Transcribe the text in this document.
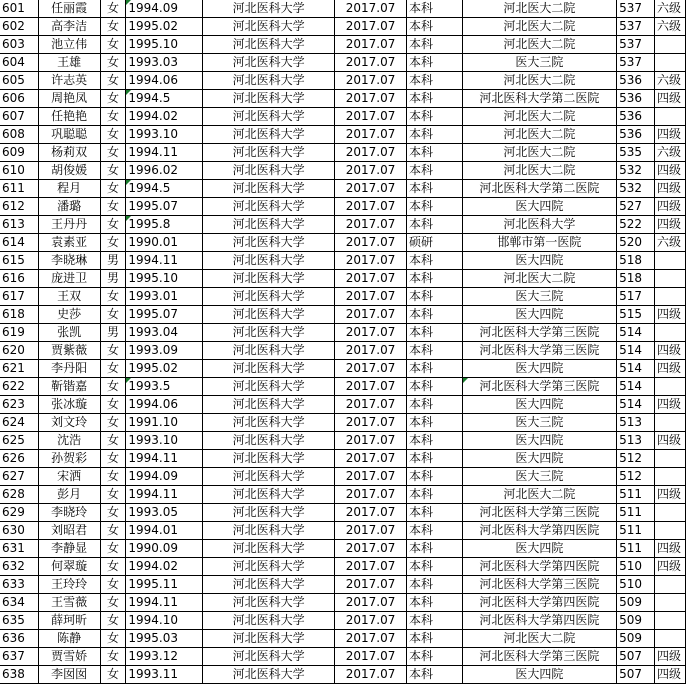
601	任丽霞	女	1994.09	河北医科大学	2017.07	本科	河北医大二院	537	六级
602	高李洁	女	1995.02	河北医科大学	2017.07	本科	河北医大二院	537	六级
603	池立伟	女	1995.10	河北医科大学	2017.07	本科	河北医大二院	537	
604	王雄	女	1993.03	河北医科大学	2017.07	本科	医大三院	537	
605	许志英	女	1994.06	河北医科大学	2017.07	本科	河北医大二院	536	六级
606	周艳凤	女	1994.5	河北医科大学	2017.07	本科	河北医科大学第二医院	536	四级
607	任艳艳	女	1994.02	河北医科大学	2017.07	本科	河北医大二院	536	
608	巩聪聪	女	1993.10	河北医科大学	2017.07	本科	河北医大二院	536	四级
609	杨莉双	女	1994.11	河北医科大学	2017.07	本科	河北医大二院	535	六级
610	胡俊媛	女	1996.02	河北医科大学	2017.07	本科	河北医大二院	532	四级
611	程月	女	1994.5	河北医科大学	2017.07	本科	河北医科大学第二医院	532	四级
612	潘璐	女	1995.07	河北医科大学	2017.07	本科	医大四院	527	四级
613	王丹丹	女	1995.8	河北医科大学	2017.07	本科	河北医科大学	522	四级
614	袁素亚	女	1990.01	河北医科大学	2017.07	硕研	邯郸市第一医院	520	六级
615	李晓琳	男	1994.11	河北医科大学	2017.07	本科	医大四院	518	
616	庞进卫	男	1995.10	河北医科大学	2017.07	本科	河北医大二院	518	
617	王双	女	1993.01	河北医科大学	2017.07	本科	医大三院	517	
618	史莎	女	1995.07	河北医科大学	2017.07	本科	医大四院	515	四级
619	张凯	男	1993.04	河北医科大学	2017.07	本科	河北医科大学第三医院	514	
620	贾紫薇	女	1993.09	河北医科大学	2017.07	本科	河北医科大学第三医院	514	四级
621	李丹阳	女	1995.02	河北医科大学	2017.07	本科	医大四院	514	四级
622	靳锴嘉	女	1993.5	河北医科大学	2017.07	本科	河北医科大学第三医院	514	
623	张冰璇	女	1994.06	河北医科大学	2017.07	本科	医大四院	514	四级
624	刘文玲	女	1991.10	河北医科大学	2017.07	本科	医大三院	513	
625	沈浩	女	1993.10	河北医科大学	2017.07	本科	医大四院	513	四级
626	孙贺彩	女	1994.11	河北医科大学	2017.07	本科	医大四院	512	
627	宋洒	女	1994.09	河北医科大学	2017.07	本科	医大三院	512	
628	彭月	女	1994.11	河北医科大学	2017.07	本科	河北医大二院	511	四级
629	李晓玲	女	1993.05	河北医科大学	2017.07	本科	河北医科大学第三医院	511	
630	刘昭君	女	1994.01	河北医科大学	2017.07	本科	河北医科大学第四医院	511	
631	李静显	女	1990.09	河北医科大学	2017.07	本科	医大四院	511	四级
632	何翠璇	女	1994.02	河北医科大学	2017.07	本科	河北医科大学第四医院	510	四级
633	王玲玲	女	1995.11	河北医科大学	2017.07	本科	河北医科大学第三医院	510	
634	王雪薇	女	1994.11	河北医科大学	2017.07	本科	河北医科大学第四医院	509	
635	薛珂昕	女	1994.10	河北医科大学	2017.07	本科	河北医科大学第四医院	509	
636	陈静	女	1995.03	河北医科大学	2017.07	本科	河北医大二院	509	
637	贾雪娇	女	1993.12	河北医科大学	2017.07	本科	河北医科大学第三医院	507	四级
638	李囡囡	女	1993.11	河北医科大学	2017.07	本科	医大四院	507	四级
